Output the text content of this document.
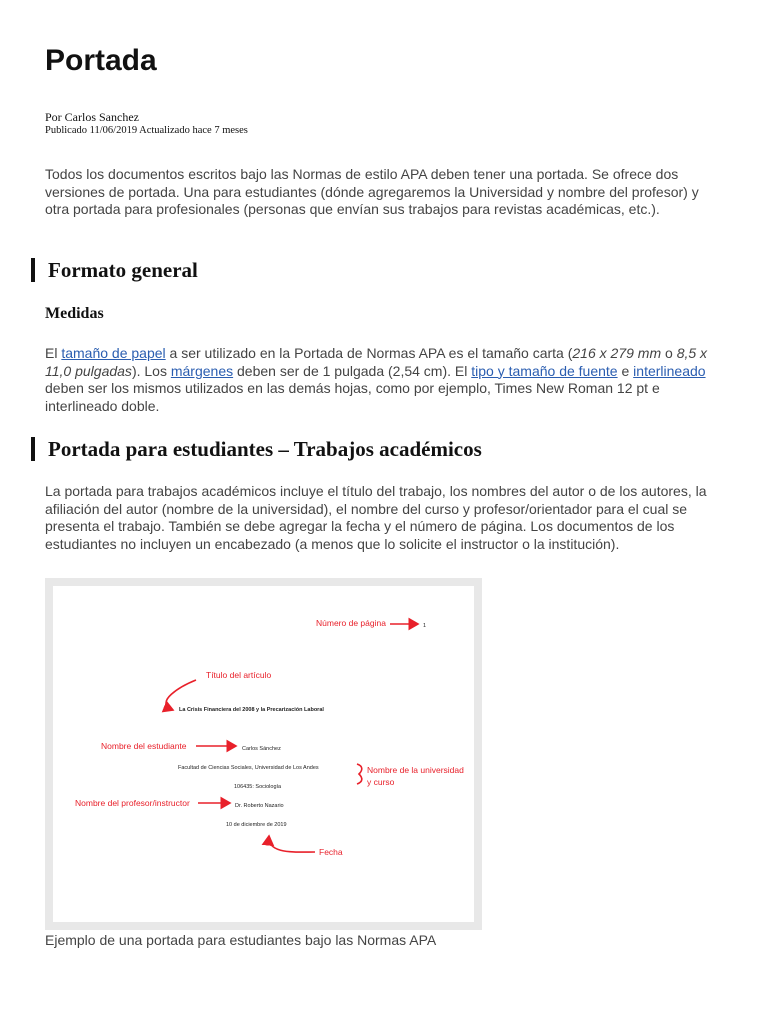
Portada
Por Carlos Sanchez
Publicado 11/06/2019 Actualizado hace 7 meses

Todos los documentos escritos bajo las Normas de estilo APA deben tener una portada. Se ofrece dos versiones de portada. Una para estudiantes (dónde agregaremos la Universidad y nombre del profesor) y otra portada para profesionales (personas que envían sus trabajos para revistas académicas, etc.).

Formato general
Medidas

El tamaño de papel a ser utilizado en la Portada de Normas APA es el tamaño carta (216 x 279 mm o 8,5 x 11,0 pulgadas). Los márgenes deben ser de 1 pulgada (2,54 cm). El tipo y tamaño de fuente e interlineado deben ser los mismos utilizados en las demás hojas, como por ejemplo, Times New Roman 12 pt e interlineado doble.

Portada para estudiantes – Trabajos académicos

La portada para trabajos académicos incluye el título del trabajo, los nombres del autor o de los autores, la afiliación del autor (nombre de la universidad), el nombre del curso y profesor/orientador para el cual se presenta el trabajo. También se debe agregar la fecha y el número de página. Los documentos de los estudiantes no incluyen un encabezado (a menos que lo solicite el instructor o la institución).

Número de página
Título del artículo
Nombre del estudiante
Nombre de la universidad
y curso
Nombre del profesor/instructor
Fecha
1
La Crisis Financiera del 2008 y la Precarización Laboral
Carlos Sánchez
Facultad de Ciencias Sociales, Universidad de Los Andes
106435: Sociología
Dr. Roberto Nazario
10 de diciembre de 2019
Ejemplo de una portada para estudiantes bajo las Normas APA
